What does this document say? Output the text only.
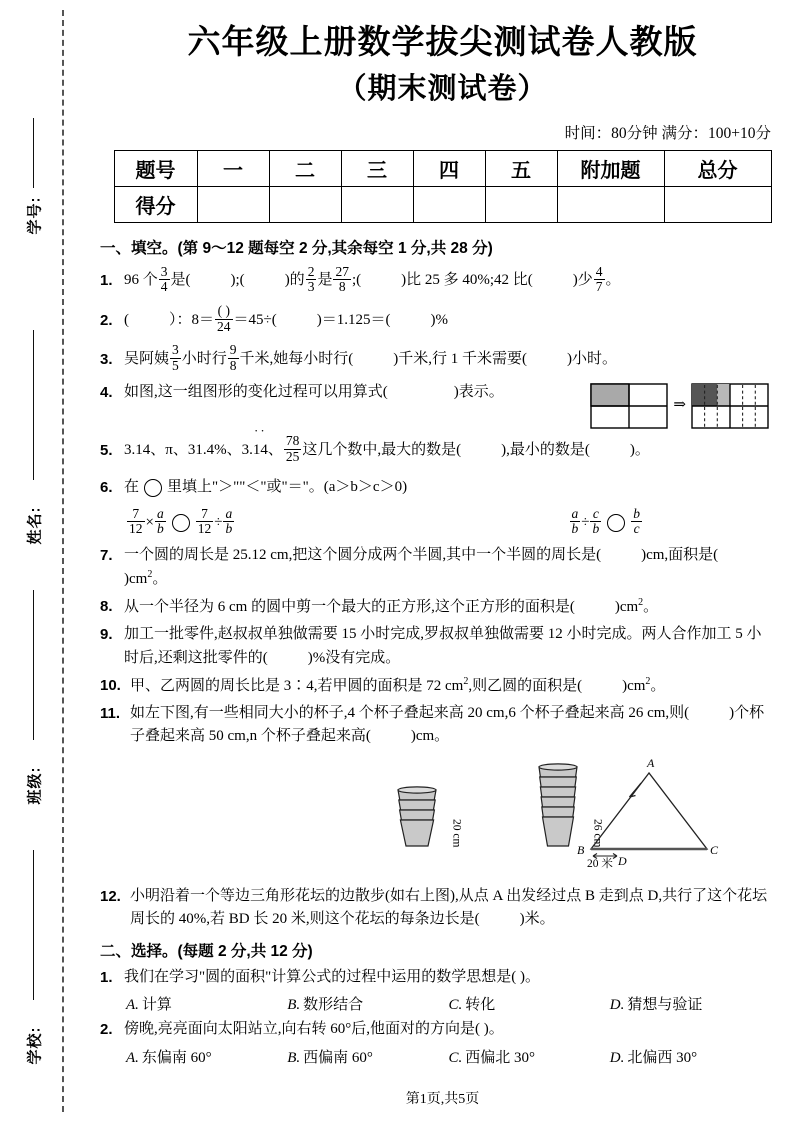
学号:
姓名:
班级:
学校:
六年级上册数学拔尖测试卷人教版
（期末测试卷）
时间：80分钟 满分：100+10分
题号	一	二	三	四	五	附加题	总分
得分							
一、填空。(第 9～12 题每空 2 分,其余每空 1 分,共 28 分)
1. 96 个 $\frac{3}{4}$ 是(	);(	)的 $\frac{2}{3}$ 是 $\frac{27}{8}$ ;(	)比 25 多 40%;42 比(	)少 $\frac{4}{7}$ 。
2. (	）：$8= \frac{( )}{24} =45\div$(	)＝1.125＝(	)%
3. 吴阿姨 $\frac{3}{5}$ 小时行 $\frac{9}{8}$ 千米,她每小时行(	)千米,行 1 千米需要(	)小时。
4. 如图,这一组图形的变化过程可以用算式(	)表示。
⇒
5. 3.14、π、31.4%、3.14 ··、 $\frac{78}{25}$ 这几个数中,最大的数是(	),最小的数是(	)。
6. 在 里填上"＞""＜"或"＝"。(a＞b＞c＞0)
$\frac{7}{12} \times \frac{a}{b} \frac{7}{12} \div \frac{a}{b}$	$\frac{a}{b} \div \frac{c}{b} \frac{b}{c}$
7. 一个圆的周长是 25.12 cm,把这个圆分成两个半圆,其中一个半圆的周长是(	)cm,面积是$()cm^2$。
8. 从一个半径为 6 cm 的圆中剪一个最大的正方形,这个正方形的面积是(	)$cm^2$。
9. 加工一批零件,赵叔叔单独做需要 15 小时完成,罗叔叔单独做需要 12 小时完成。两人合作加工 5 小时后,还剩这批零件的(	)%没有完成。
10. 甲、乙两圆的周长比是 3∶4,若甲圆的面积是 72 $cm^2$,则乙圆的面积是(	)$cm^2$。
11. 如左下图,有一些相同大小的杯子,4 个杯子叠起来高 20 cm,6 个杯子叠起来高 26 cm,则(	)个杯子叠起来高 50 cm,n 个杯子叠起来高(	)cm。
20 cm	26 cm
A
B	C
D
20 米
12. 小明沿着一个等边三角形花坛的边散步(如右上图),从点 A 出发经过点 B 走到点 D,共行了这个花坛周长的 40%,若 BD 长 20 米,则这个花坛的每条边长是(	)米。
二、选择。(每题 2 分,共 12 分)
1. 我们在学习"圆的面积"计算公式的过程中运用的数学思想是( )。
A. 计算	B. 数形结合	C. 转化	D. 猜想与验证
2. 傍晚,亮亮面向太阳站立,向右转 60°后,他面对的方向是( )。
A. 东偏南 60°	B. 西偏南 60°	C. 西偏北 30°	D. 北偏西 30°
第1页,共5页
